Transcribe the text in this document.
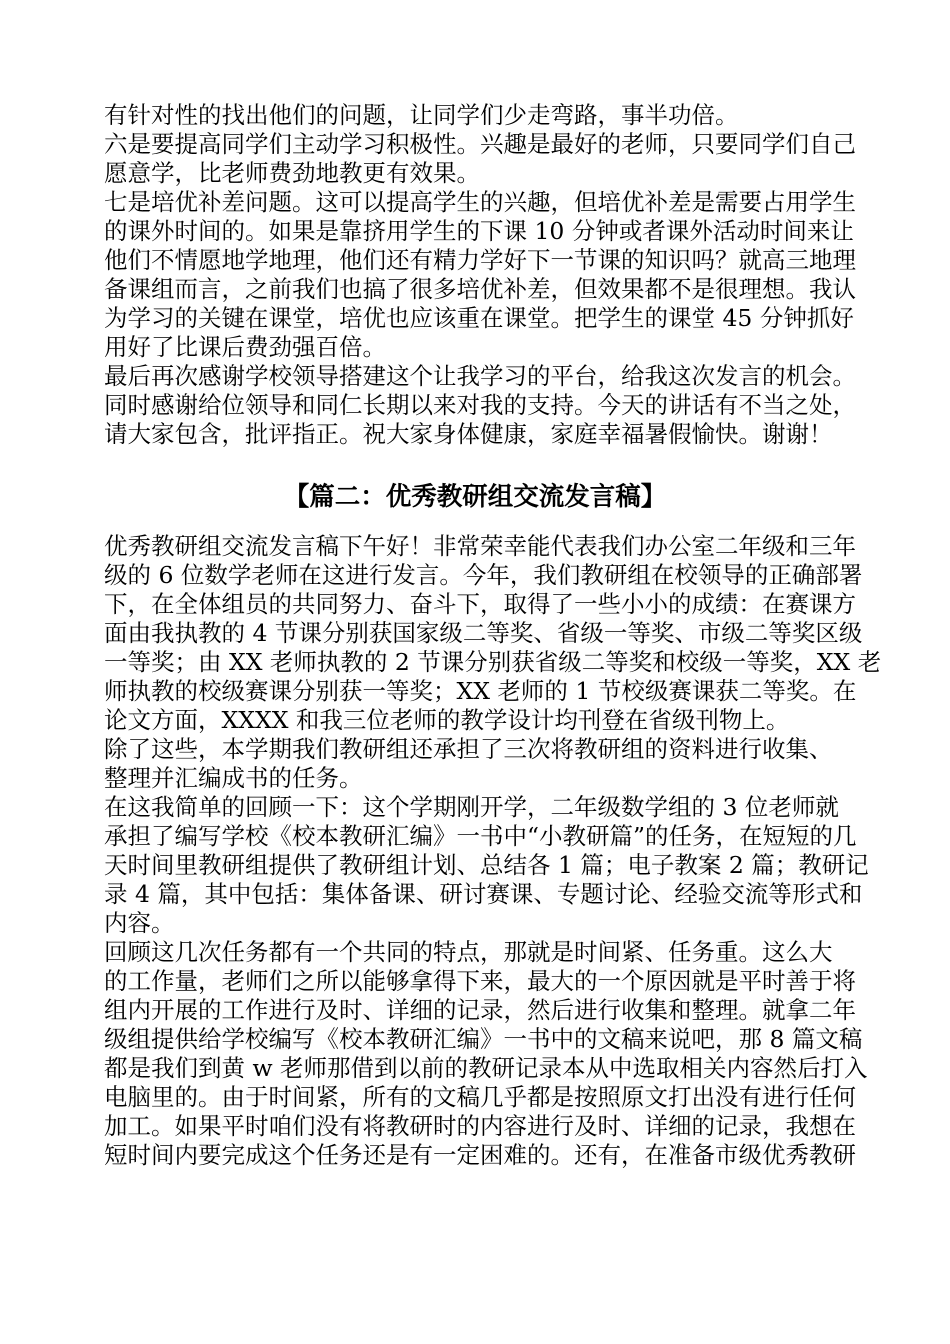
有针对性的找出他们的问题，让同学们少走弯路，事半功倍。
六是要提高同学们主动学习积极性。兴趣是最好的老师，只要同学们自己
愿意学，比老师费劲地教更有效果。
七是培优补差问题。这可以提高学生的兴趣，但培优补差是需要占用学生
的课外时间的。如果是靠挤用学生的下课 10 分钟或者课外活动时间来让
他们不情愿地学地理，他们还有精力学好下一节课的知识吗？就高三地理
备课组而言，之前我们也搞了很多培优补差，但效果都不是很理想。我认
为学习的关键在课堂，培优也应该重在课堂。把学生的课堂 45 分钟抓好
用好了比课后费劲强百倍。
最后再次感谢学校领导搭建这个让我学习的平台，给我这次发言的机会。
同时感谢给位领导和同仁长期以来对我的支持。今天的讲话有不当之处，
请大家包含，批评指正。祝大家身体健康，家庭幸福暑假愉快。谢谢！
【篇二：优秀教研组交流发言稿】
优秀教研组交流发言稿下午好！非常荣幸能代表我们办公室二年级和三年
级的 6 位数学老师在这进行发言。今年，我们教研组在校领导的正确部署
下，在全体组员的共同努力、奋斗下，取得了一些小小的成绩：在赛课方
面由我执教的 4 节课分别获国家级二等奖、省级一等奖、市级二等奖区级
一等奖；由 XX 老师执教的 2 节课分别获省级二等奖和校级一等奖，XX 老
师执教的校级赛课分别获一等奖；XX 老师的 1 节校级赛课获二等奖。在
论文方面，XXXX 和我三位老师的教学设计均刊登在省级刊物上。
除了这些，本学期我们教研组还承担了三次将教研组的资料进行收集、
整理并汇编成书的任务。
在这我简单的回顾一下：这个学期刚开学，二年级数学组的 3 位老师就
承担了编写学校《校本教研汇编》一书中“小教研篇”的任务，在短短的几
天时间里教研组提供了教研组计划、总结各 1 篇；电子教案 2 篇；教研记
录 4 篇，其中包括：集体备课、研讨赛课、专题讨论、经验交流等形式和
内容。
回顾这几次任务都有一个共同的特点，那就是时间紧、任务重。这么大
的工作量，老师们之所以能够拿得下来，最大的一个原因就是平时善于将
组内开展的工作进行及时、详细的记录，然后进行收集和整理。就拿二年
级组提供给学校编写《校本教研汇编》一书中的文稿来说吧，那 8 篇文稿
都是我们到黄 w 老师那借到以前的教研记录本从中选取相关内容然后打入
电脑里的。由于时间紧，所有的文稿几乎都是按照原文打出没有进行任何
加工。如果平时咱们没有将教研时的内容进行及时、详细的记录，我想在
短时间内要完成这个任务还是有一定困难的。还有，在准备市级优秀教研
